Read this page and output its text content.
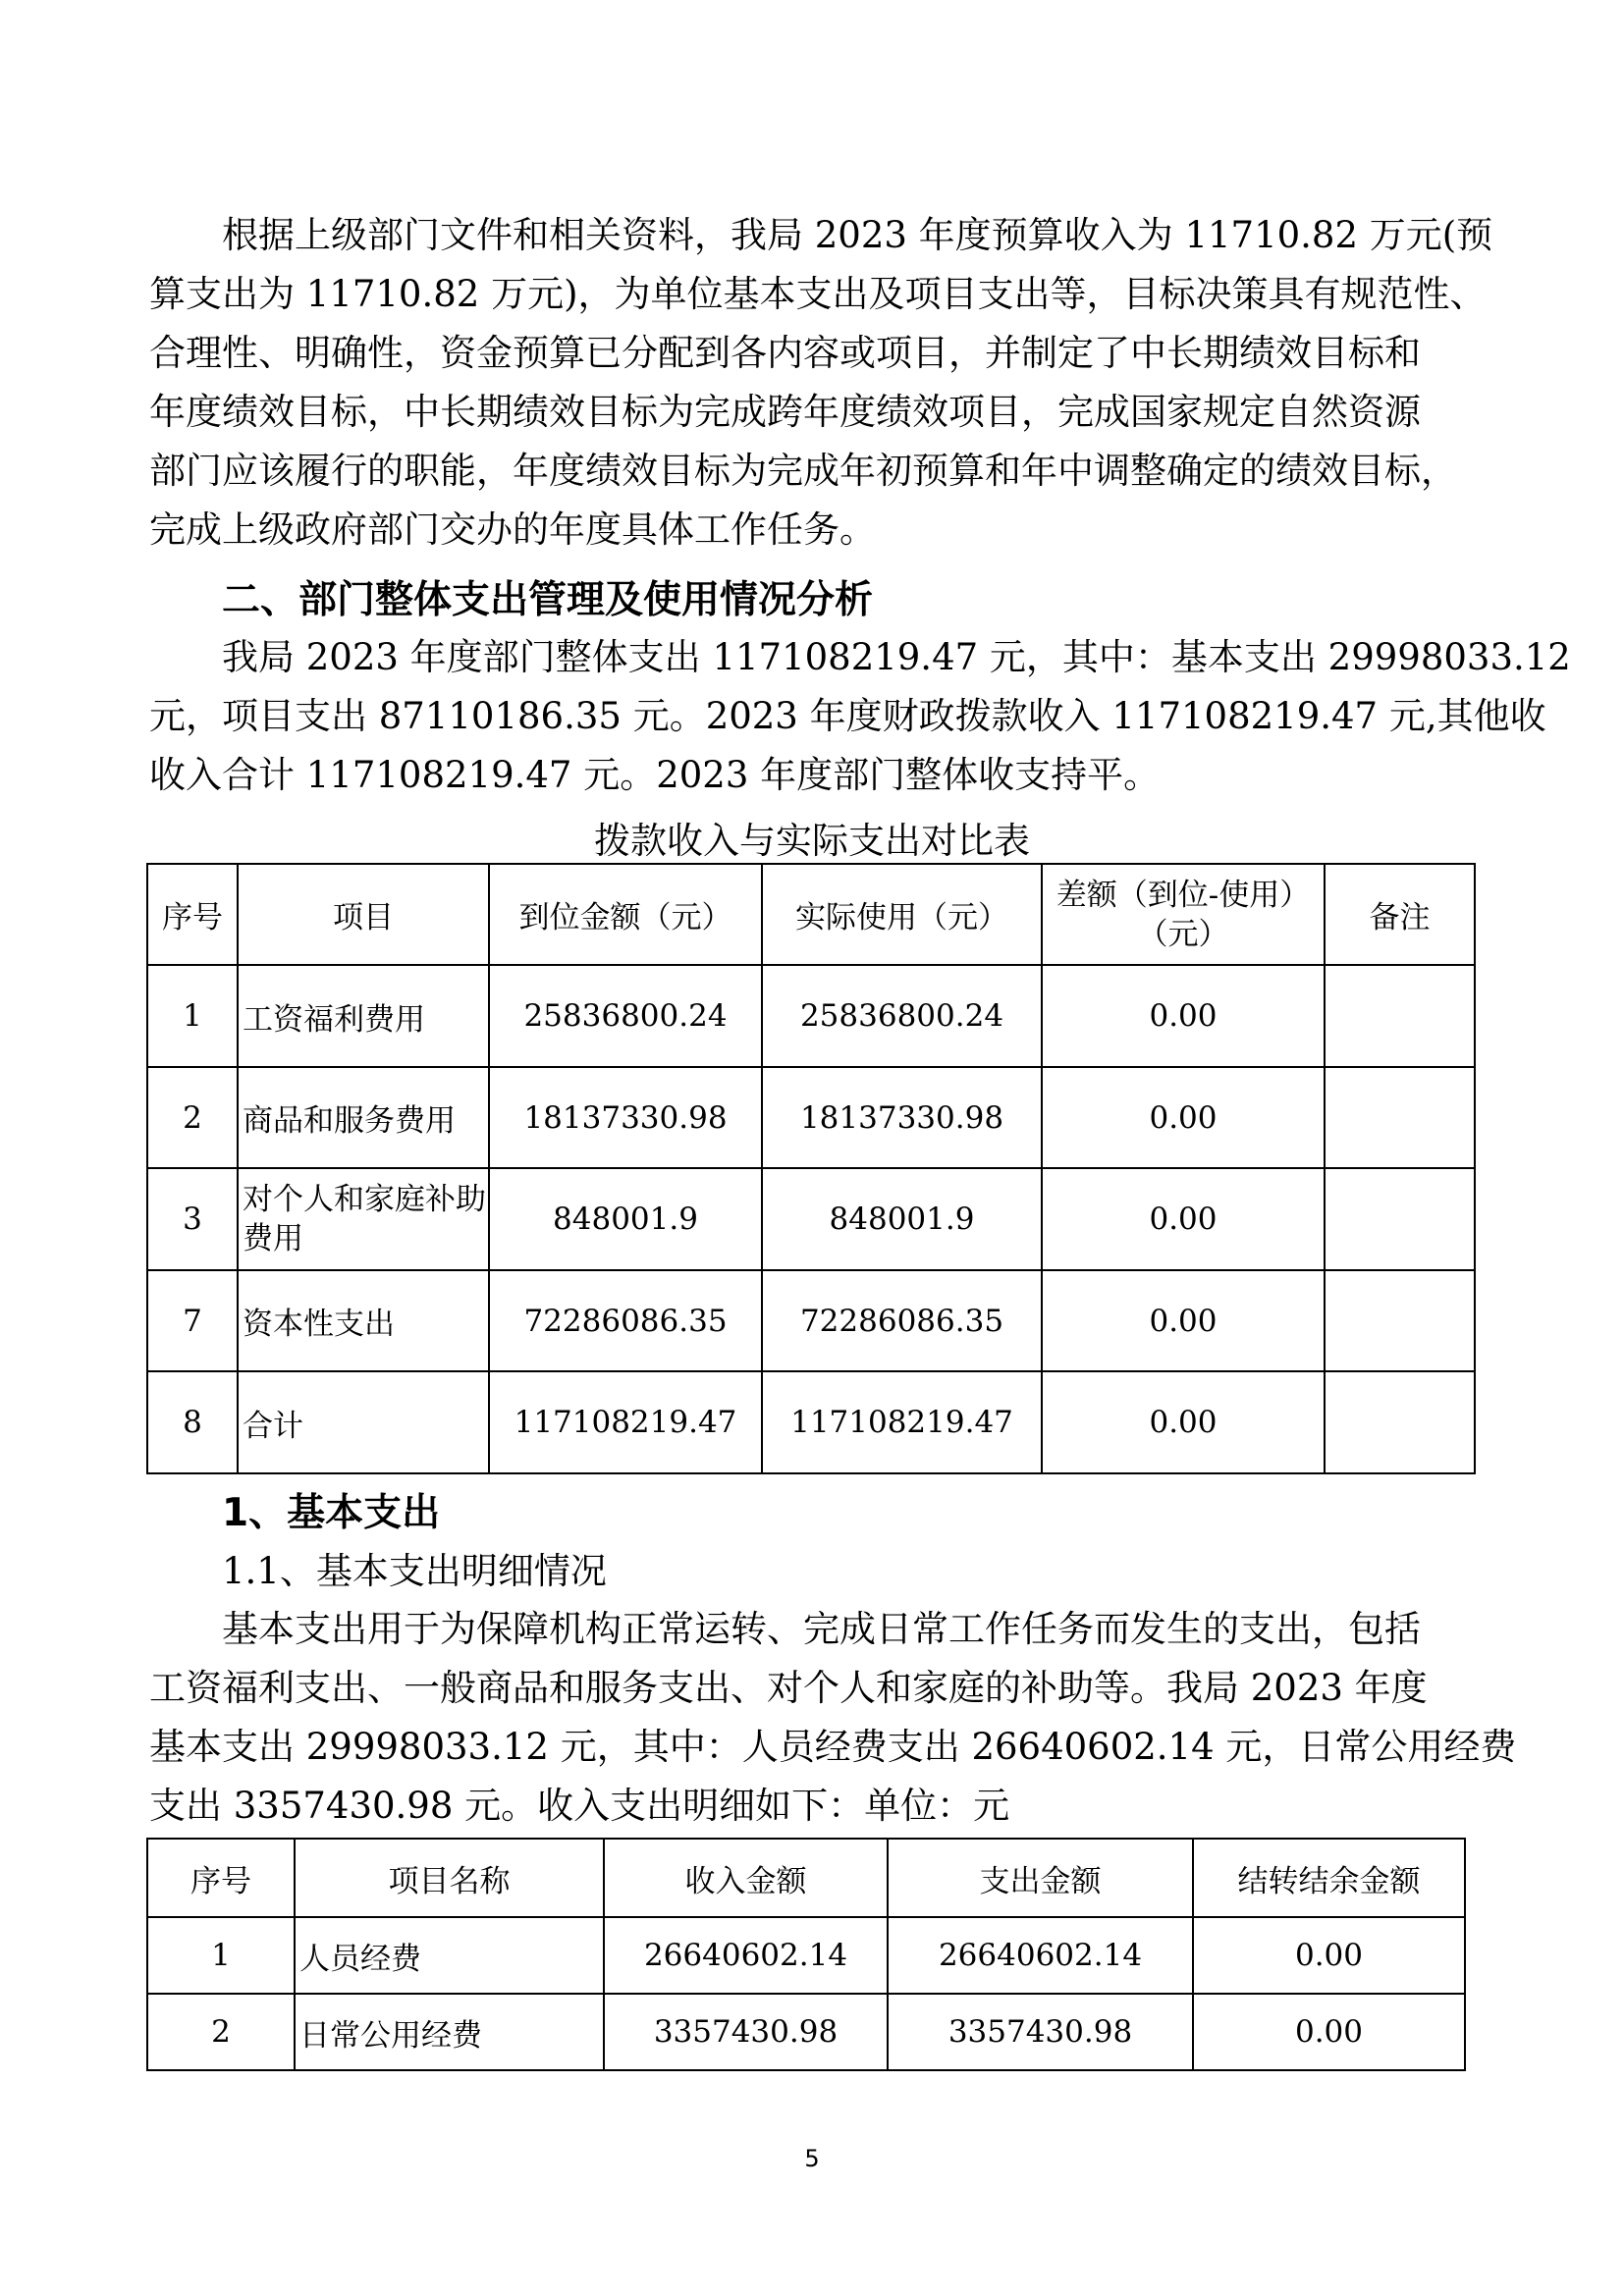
根据上级部门文件和相关资料，我局 2023 年度预算收入为 11710.82 万元(预
算支出为 11710.82 万元)，为单位基本支出及项目支出等，目标决策具有规范性、
合理性、明确性，资金预算已分配到各内容或项目，并制定了中长期绩效目标和
年度绩效目标，中长期绩效目标为完成跨年度绩效项目，完成国家规定自然资源
部门应该履行的职能，年度绩效目标为完成年初预算和年中调整确定的绩效目标，
完成上级政府部门交办的年度具体工作任务。
二、部门整体支出管理及使用情况分析
我局 2023 年度部门整体支出 117108219.47 元，其中：基本支出 29998033.12
元，项目支出 87110186.35 元。2023 年度财政拨款收入 117108219.47 元,其他收
收入合计 117108219.47 元。2023 年度部门整体收支持平。
拨款收入与实际支出对比表
序号	项目	到位金额（元）	实际使用（元）	差额（到位-使用）（元）	备注
1	工资福利费用	25836800.24	25836800.24	0.00	
2	商品和服务费用	18137330.98	18137330.98	0.00	
3	对个人和家庭补助费用	848001.9	848001.9	0.00	
7	资本性支出	72286086.35	72286086.35	0.00	
8	合计	117108219.47	117108219.47	0.00	
1、基本支出
1.1、基本支出明细情况
基本支出用于为保障机构正常运转、完成日常工作任务而发生的支出，包括
工资福利支出、一般商品和服务支出、对个人和家庭的补助等。我局 2023 年度
基本支出 29998033.12 元，其中：人员经费支出 26640602.14 元，日常公用经费
支出 3357430.98 元。收入支出明细如下：单位：元
序号	项目名称	收入金额	支出金额	结转结余金额
1	人员经费	26640602.14	26640602.14	0.00
2	日常公用经费	3357430.98	3357430.98	0.00
5
